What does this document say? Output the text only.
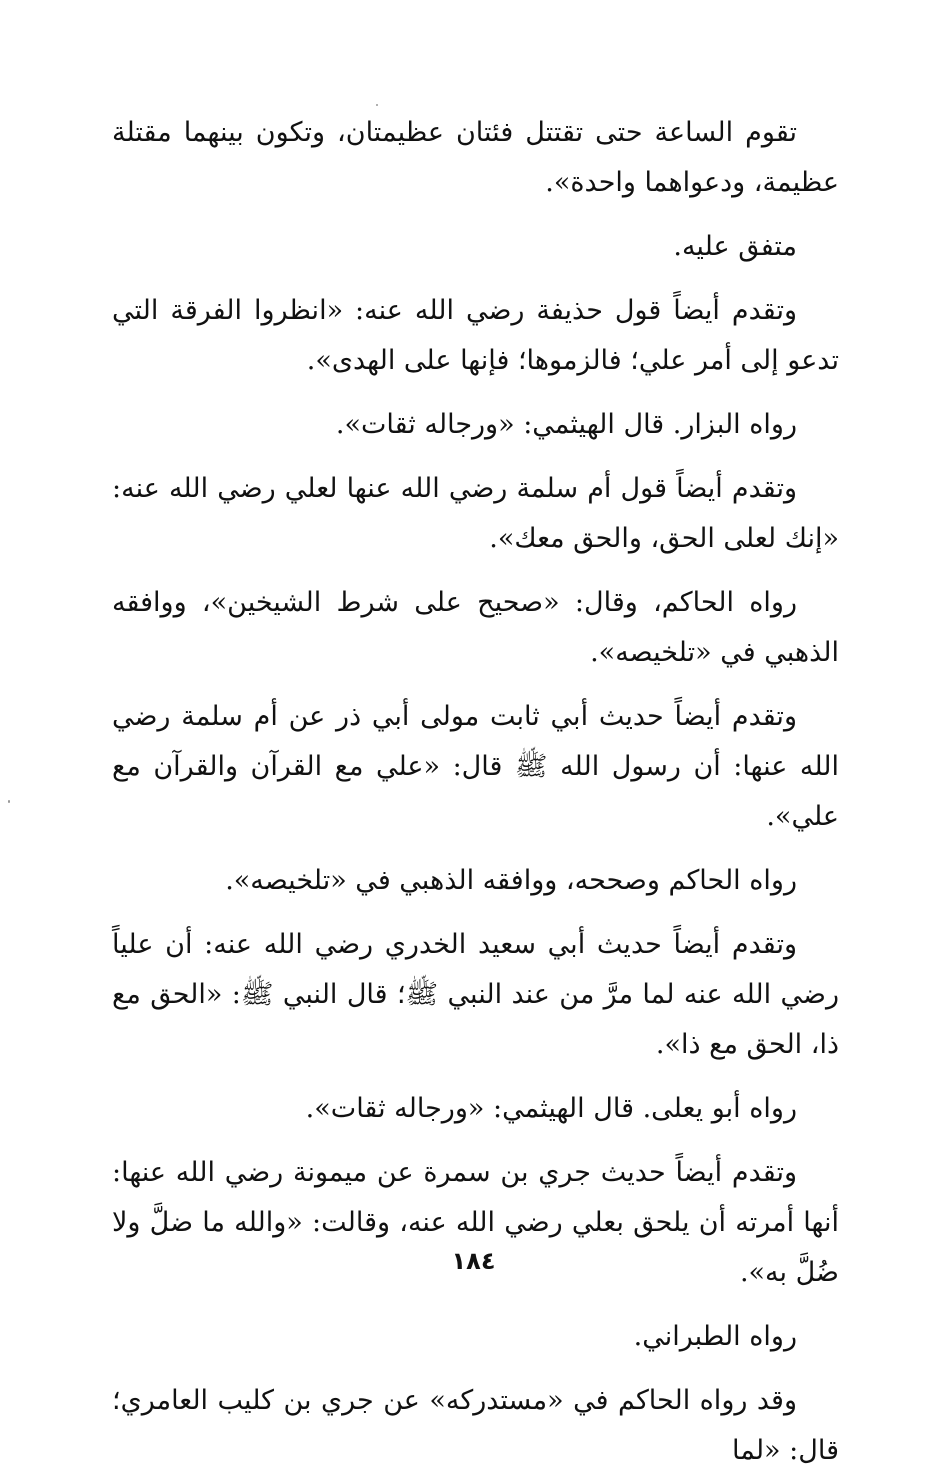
تقوم الساعة حتى تقتتل فئتان عظيمتان، وتكون بينهما مقتلة عظيمة، ودعواهما واحدة».

متفق عليه.

وتقدم أيضاً قول حذيفة رضي الله عنه: «انظروا الفرقة التي تدعو إلى أمر علي؛ فالزموها؛ فإنها على الهدى».

رواه البزار. قال الهيثمي: «ورجاله ثقات».

وتقدم أيضاً قول أم سلمة رضي الله عنها لعلي رضي الله عنه: «إنك لعلى الحق، والحق معك».

رواه الحاكم، وقال: «صحيح على شرط الشيخين»، ووافقه الذهبي في «تلخيصه».

وتقدم أيضاً حديث أبي ثابت مولى أبي ذر عن أم سلمة رضي الله عنها: أن رسول الله ﷺ قال: «علي مع القرآن والقرآن مع علي».

رواه الحاكم وصححه، ووافقه الذهبي في «تلخيصه».

وتقدم أيضاً حديث أبي سعيد الخدري رضي الله عنه: أن علياً رضي الله عنه لما مرَّ من عند النبي ﷺ؛ قال النبي ﷺ: «الحق مع ذا، الحق مع ذا».

رواه أبو يعلى. قال الهيثمي: «ورجاله ثقات».

وتقدم أيضاً حديث جري بن سمرة عن ميمونة رضي الله عنها: أنها أمرته أن يلحق بعلي رضي الله عنه، وقالت: «والله ما ضلَّ ولا ضُلَّ به».

رواه الطبراني.

وقد رواه الحاكم في «مستدركه» عن جري بن كليب العامري؛ قال: «لما

١٨٤
